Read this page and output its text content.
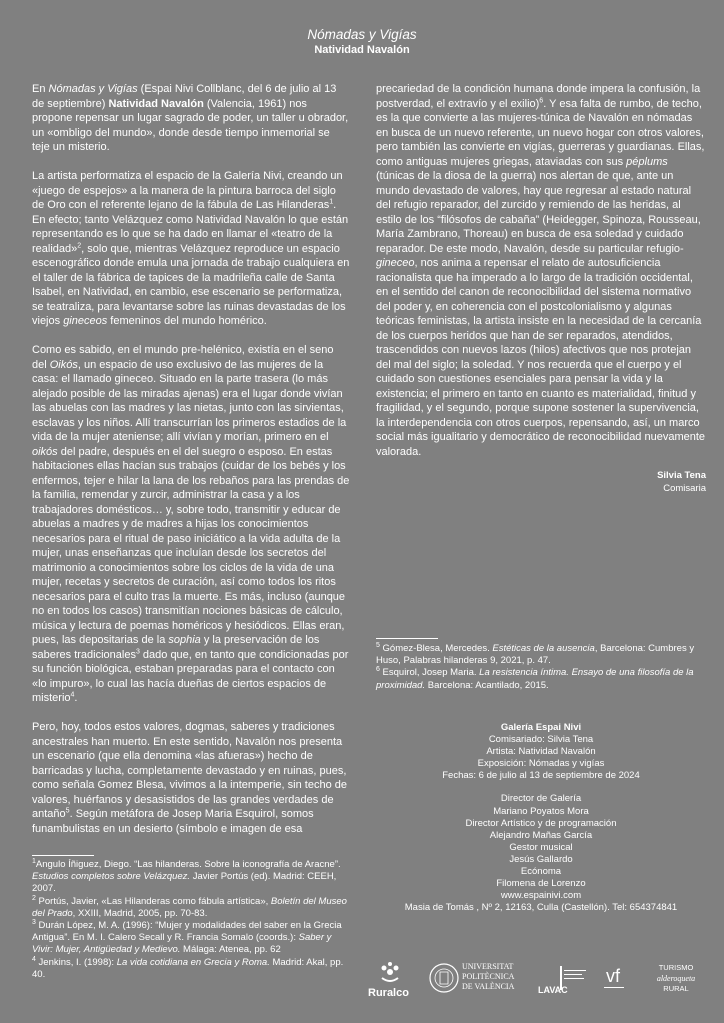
Nómadas y Vigías
Natividad Navalón

En Nómadas y Vigías (Espai Nivi Collblanc, del 6 de julio al 13 de septiembre) Natividad Navalón (Valencia, 1961) nos propone repensar un lugar sagrado de poder, un taller u obrador, un «ombligo del mundo», donde desde tiempo inmemorial se teje un misterio.

La artista performatiza el espacio de la Galería Nivi, creando un «juego de espejos» a la manera de la pintura barroca del siglo de Oro con el referente lejano de la fábula de Las Hilanderas$^1$. En efecto; tanto Velázquez como Natividad Navalón lo que están representando es lo que se ha dado en llamar el «teatro de la realidad»$^2$, solo que, mientras Velázquez reproduce un espacio escenográfico donde emula una jornada de trabajo cualquiera en el taller de la fábrica de tapices de la madrileña calle de Santa Isabel, en Natividad, en cambio, ese escenario se performatiza, se teatraliza, para levantarse sobre las ruinas devastadas de los viejos gineceos femeninos del mundo homérico.

Como es sabido, en el mundo pre-helénico, existía en el seno del Oikós, un espacio de uso exclusivo de las mujeres de la casa: el llamado gineceo. Situado en la parte trasera (lo más alejado posible de las miradas ajenas) era el lugar donde vivían las abuelas con las madres y las nietas, junto con las sirvientas, esclavas y los niños. Allí transcurrían los primeros estadios de la vida de la mujer ateniense; allí vivían y morían, primero en el oikós del padre, después en el del suegro o esposo. En estas habitaciones ellas hacían sus trabajos (cuidar de los bebés y los enfermos, tejer e hilar la lana de los rebaños para las prendas de la familia, remendar y zurcir, administrar la casa y a los trabajadores domésticos… y, sobre todo, transmitir y educar de abuelas a madres y de madres a hijas los conocimientos necesarios para el ritual de paso iniciático a la vida adulta de la mujer, unas enseñanzas que incluían desde los secretos del matrimonio a conocimientos sobre los ciclos de la vida de una mujer, recetas y secretos de curación, así como todos los ritos necesarios para el culto tras la muerte. Es más, incluso (aunque no en todos los casos) transmitían nociones básicas de cálculo, música y lectura de poemas homéricos y hesiódicos. Ellas eran, pues, las depositarias de la sophia y la preservación de los saberes tradicionales$^3$ dado que, en tanto que condicionadas por su función biológica, estaban preparadas para el contacto con «lo impuro», lo cual las hacía dueñas de ciertos espacios de misterio$^4$.

Pero, hoy, todos estos valores, dogmas, saberes y tradiciones ancestrales han muerto. En este sentido, Navalón nos presenta un escenario (que ella denomina «las afueras») hecho de barricadas y lucha, completamente devastado y en ruinas, pues, como señala Gomez Blesa, vivimos a la intemperie, sin techo de valores, huérfanos y desasistidos de las grandes verdades de antaño$^5$. Según metáfora de Josep Maria Esquirol, somos funambulistas en un desierto (símbolo e imagen de esa

$^1$Angulo Íñiguez, Diego. “Las hilanderas. Sobre la iconografía de Aracne”. Estudios completos sobre Velázquez. Javier Portús (ed). Madrid: CEEH, 2007.

$^2$ Portús, Javier, «Las Hilanderas como fábula artística», Boletín del Museo del Prado, XXIII, Madrid, 2005, pp. 70-83.

$^3$ Durán López, M. A. (1996): “Mujer y modalidades del saber en la Grecia Antigua”. En M. I. Calero Secall y R. Francia Somalo (coords.): Saber y Vivir: Mujer, Antigüedad y Medievo. Málaga: Atenea, pp. 62

$^4$ Jenkins, I. (1998): La vida cotidiana en Grecia y Roma. Madrid: Akal, pp. 40.

precariedad de la condición humana donde impera la confusión, la postverdad, el extravío y el exilio)$^6$. Y esa falta de rumbo, de techo, es la que convierte a las mujeres-túnica de Navalón en nómadas en busca de un nuevo referente, un nuevo hogar con otros valores, pero también las convierte en vigías, guerreras y guardianas. Ellas, como antiguas mujeres griegas, ataviadas con sus péplums (túnicas de la diosa de la guerra) nos alertan de que, ante un mundo devastado de valores, hay que regresar al estado natural del refugio reparador, del zurcido y remiendo de las heridas, al estilo de los “filósofos de cabaña” (Heidegger, Spinoza, Rousseau, María Zambrano, Thoreau) en busca de esa soledad y cuidado reparador. De este modo, Navalón, desde su particular refugio-gineceo, nos anima a repensar el relato de autosuficiencia racionalista que ha imperado a lo largo de la tradición occidental, en el sentido del canon de reconocibilidad del sistema normativo del poder y, en coherencia con el postcolonialismo y algunas teóricas feministas, la artista insiste en la necesidad de la cercanía de los cuerpos heridos que han de ser reparados, atendidos, trascendidos con nuevos lazos (hilos) afectivos que nos protejan del mal del siglo; la soledad. Y nos recuerda que el cuerpo y el cuidado son cuestiones esenciales para pensar la vida y la existencia; el primero en tanto en cuanto es materialidad, finitud y fragilidad, y el segundo, porque supone sostener la supervivencia, la interdependencia con otros cuerpos, repensando, así, un marco social más igualitario y democrático de reconocibilidad nuevamente valorada.

Silvia Tena
Comisaria

$^5$ Gómez-Blesa, Mercedes. Estéticas de la ausencia, Barcelona: Cumbres y Huso, Palabras hilanderas 9, 2021, p. 47.

$^6$ Esquirol, Josep Maria. La resistencia íntima. Ensayo de una filosofía de la proximidad. Barcelona: Acantilado, 2015.

Galería Espai Nivi
Comisariado: Silvia Tena
Artista: Natividad Navalón
Exposición: Nómadas y vigías
Fechas: 6 de julio al 13 de septiembre de 2024
Director de Galería
Mariano Poyatos Mora
Director Artístico y de programación
Alejandro Mañas García
Gestor musical
Jesús Gallardo
Ecónoma
Filomena de Lorenzo
www.espainivi.com
Masia de Tomás , Nº 2, 12163, Culla (Castellón). Tel: 654374841
Ruralco
UNIVERSITAT
POLITÈCNICA
DE VALÈNCIA	LAVAC
vf	TURISMO
alderoqueta
RURAL
